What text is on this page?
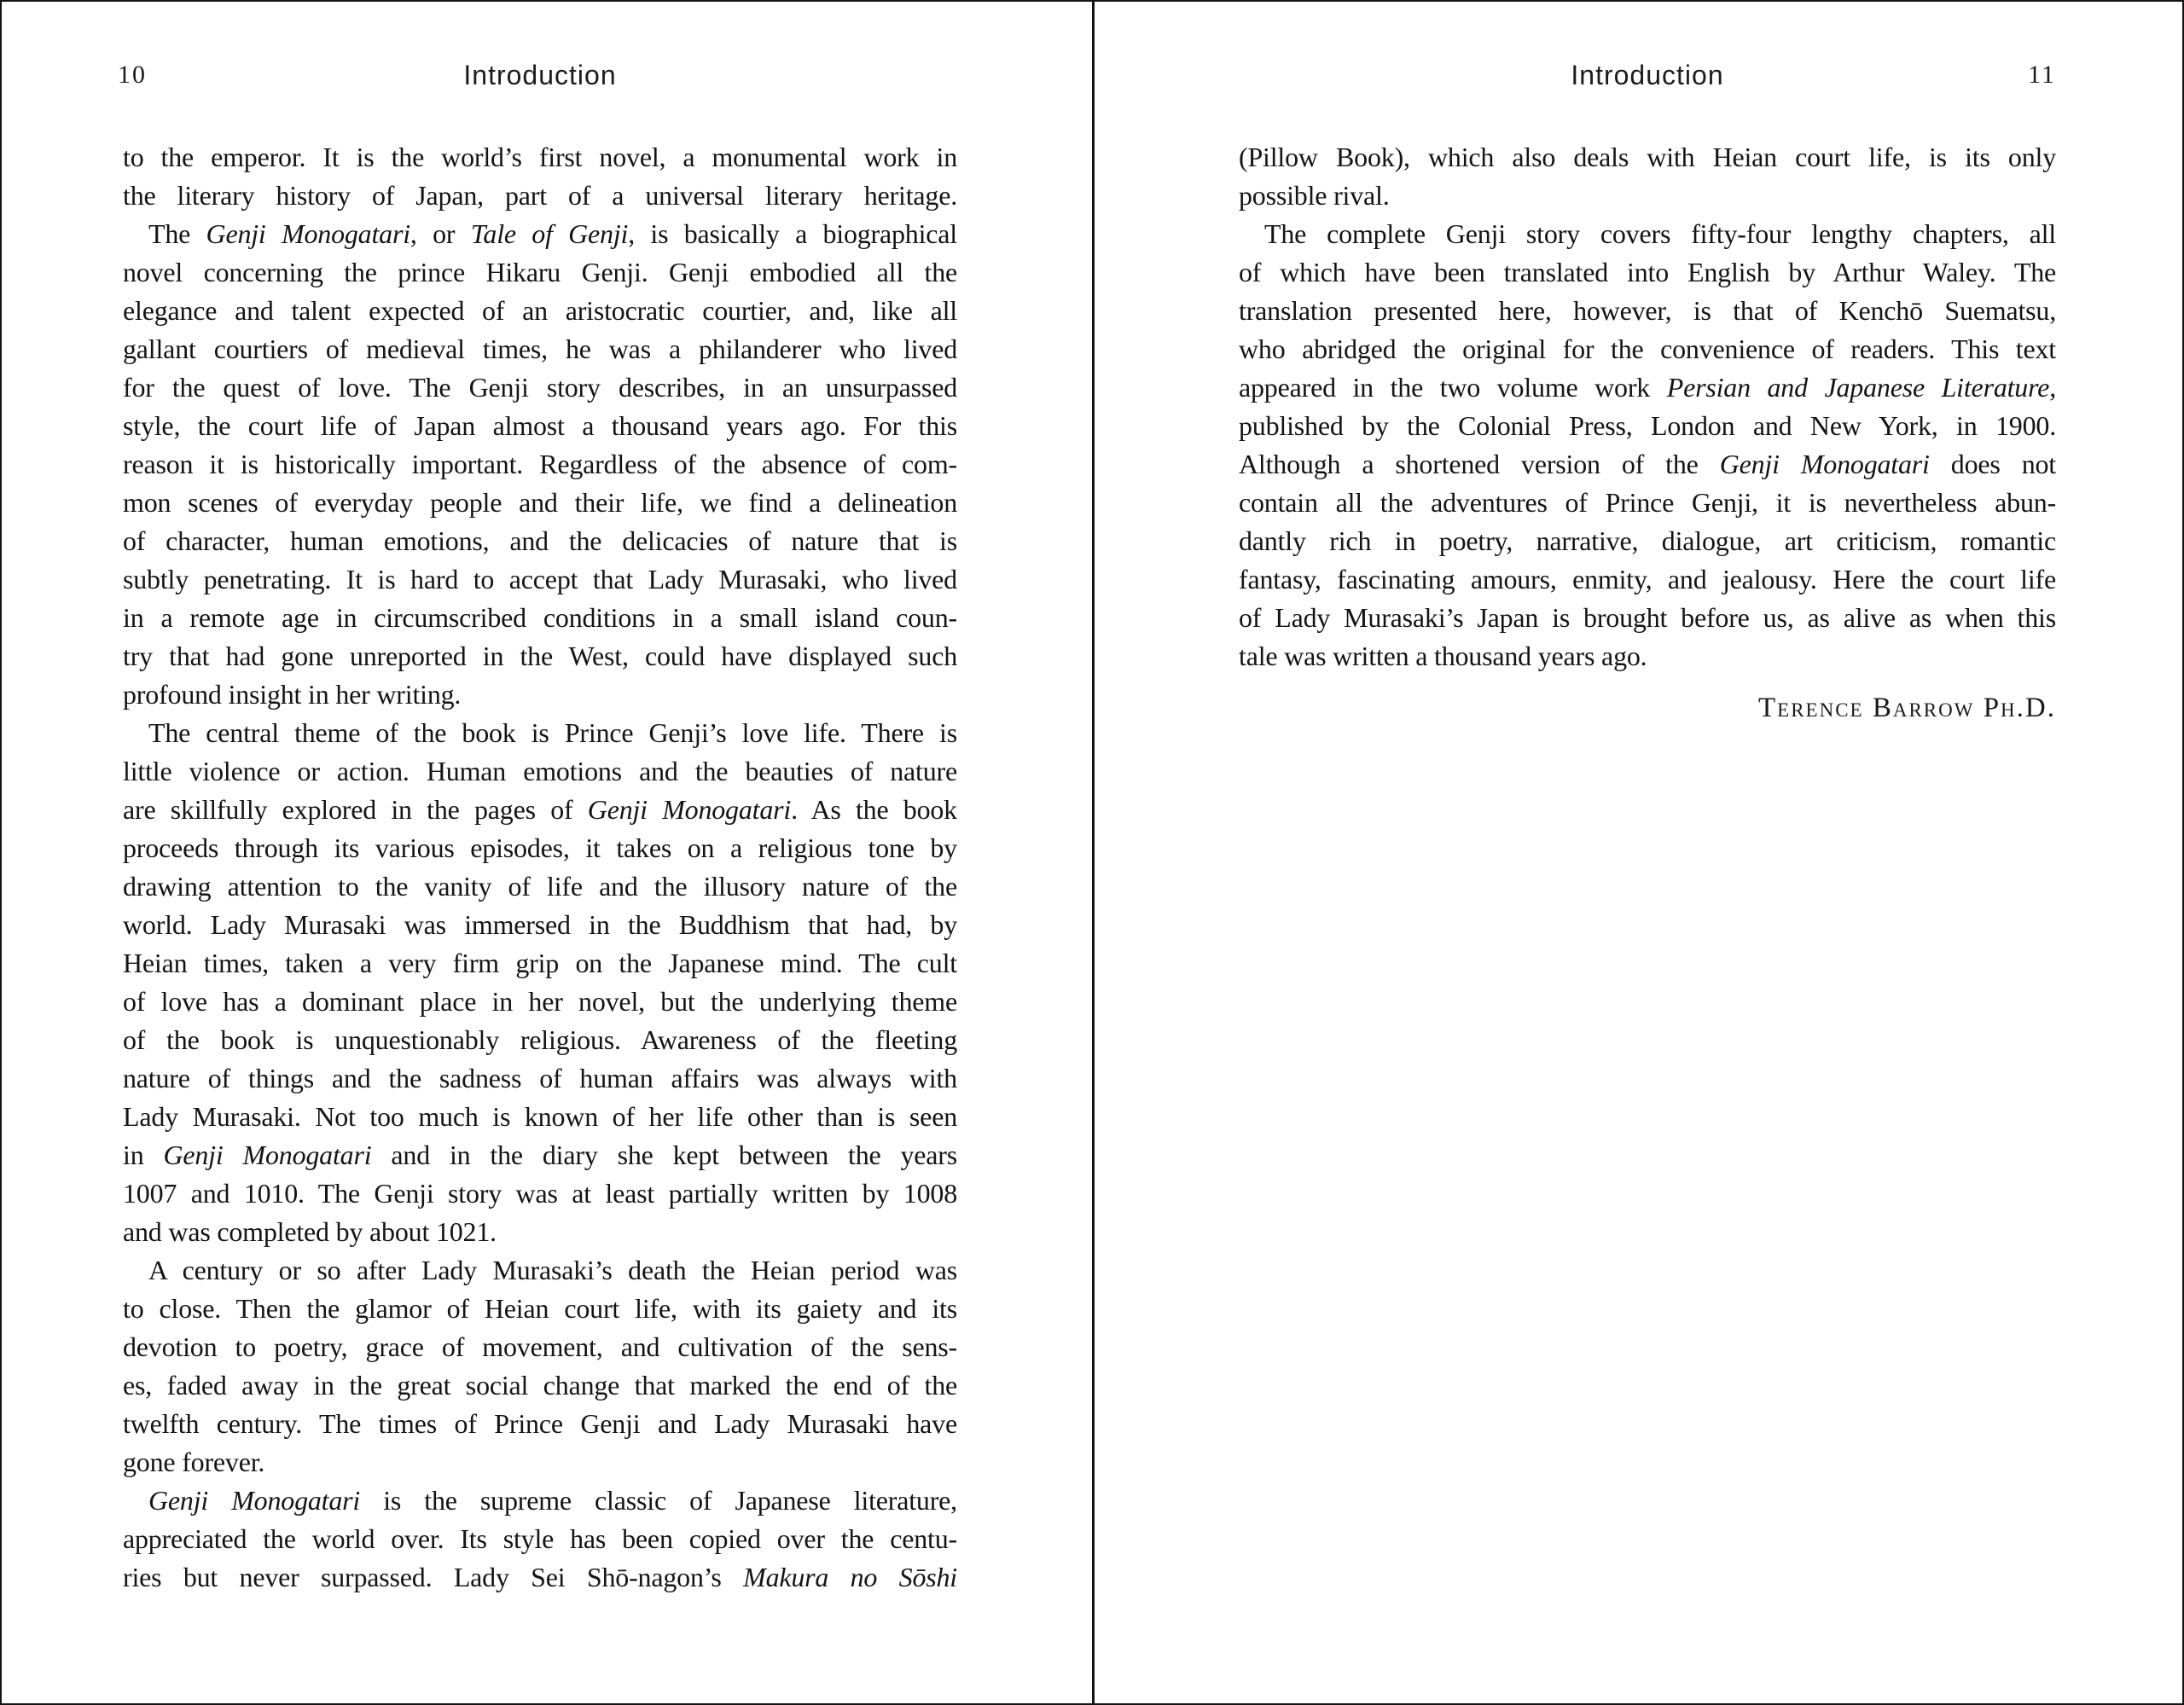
10	Introduction
to the emperor. It is the world’s first novel, a monumental work in
the literary history of Japan, part of a universal literary heritage.
The Genji Monogatari, or Tale of Genji, is basically a biographical
novel concerning the prince Hikaru Genji. Genji embodied all the
elegance and talent expected of an aristocratic courtier, and, like all
gallant courtiers of medieval times, he was a philanderer who lived
for the quest of love. The Genji story describes, in an unsurpassed
style, the court life of Japan almost a thousand years ago. For this
reason it is historically important. Regardless of the absence of com-
mon scenes of everyday people and their life, we find a delineation
of character, human emotions, and the delicacies of nature that is
subtly penetrating. It is hard to accept that Lady Murasaki, who lived
in a remote age in circumscribed conditions in a small island coun-
try that had gone unreported in the West, could have displayed such
profound insight in her writing.
The central theme of the book is Prince Genji’s love life. There is
little violence or action. Human emotions and the beauties of nature
are skillfully explored in the pages of Genji Monogatari. As the book
proceeds through its various episodes, it takes on a religious tone by
drawing attention to the vanity of life and the illusory nature of the
world. Lady Murasaki was immersed in the Buddhism that had, by
Heian times, taken a very firm grip on the Japanese mind. The cult
of love has a dominant place in her novel, but the underlying theme
of the book is unquestionably religious. Awareness of the fleeting
nature of things and the sadness of human affairs was always with
Lady Murasaki. Not too much is known of her life other than is seen
in Genji Monogatari and in the diary she kept between the years
1007 and 1010. The Genji story was at least partially written by 1008
and was completed by about 1021.
A century or so after Lady Murasaki’s death the Heian period was
to close. Then the glamor of Heian court life, with its gaiety and its
devotion to poetry, grace of movement, and cultivation of the sens-
es, faded away in the great social change that marked the end of the
twelfth century. The times of Prince Genji and Lady Murasaki have
gone forever.
Genji Monogatari is the supreme classic of Japanese literature,
appreciated the world over. Its style has been copied over the centu-
ries but never surpassed. Lady Sei Shō-nagon’s Makura no Sōshi
Introduction	11
(Pillow Book), which also deals with Heian court life, is its only
possible rival.
The complete Genji story covers fifty-four lengthy chapters, all
of which have been translated into English by Arthur Waley. The
translation presented here, however, is that of Kenchō Suematsu,
who abridged the original for the convenience of readers. This text
appeared in the two volume work Persian and Japanese Literature,
published by the Colonial Press, London and New York, in 1900.
Although a shortened version of the Genji Monogatari does not
contain all the adventures of Prince Genji, it is nevertheless abun-
dantly rich in poetry, narrative, dialogue, art criticism, romantic
fantasy, fascinating amours, enmity, and jealousy. Here the court life
of Lady Murasaki’s Japan is brought before us, as alive as when this
tale was written a thousand years ago.
Terence Barrow Ph.D.
